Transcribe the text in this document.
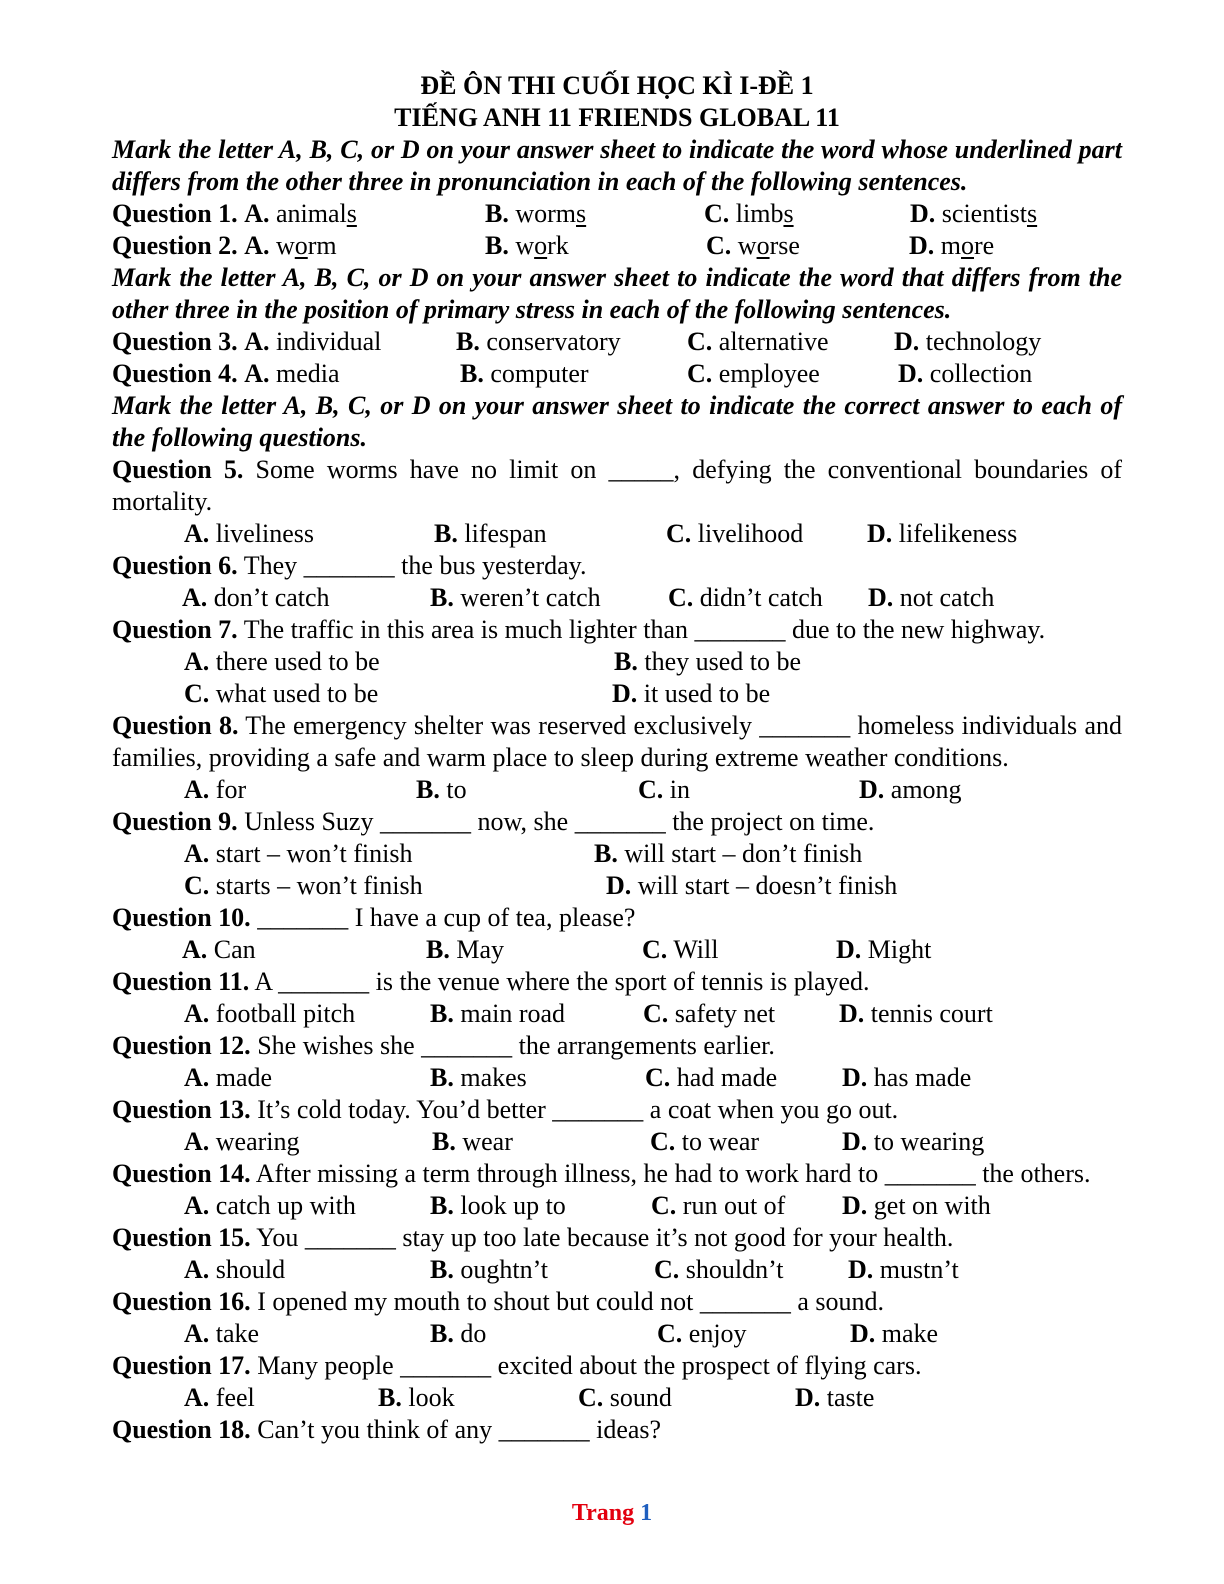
ĐỀ ÔN THI CUỐI HỌC KÌ I-ĐỀ 1

TIẾNG ANH 11 FRIENDS GLOBAL 11

Mark the letter A, B, C, or D on your answer sheet to indicate the word whose underlined part differs from the other three in pronunciation in each of the following sentences.

Question 1. A. animals	B. worms	C. limbs	D. scientists
Question 2. A. worm	B. work	C. worse	D. more

Mark the letter A, B, C, or D on your answer sheet to indicate the word that differs from the other three in the position of primary stress in each of the following sentences.

Question 3. A. individual	B. conservatory	C. alternative	D. technology
Question 4. A. media	B. computer	C. employee	D. collection

Mark the letter A, B, C, or D on your answer sheet to indicate the correct answer to each of the following questions.

Question 5. Some worms have no limit on _____, defying the conventional boundaries of mortality.

A. liveliness	B. lifespan	C. livelihood D. lifelikeness

Question 6. They _______ the bus yesterday.

A. don’t catch	B. weren’t catch	C. didn’t catch D. not catch

Question 7. The traffic in this area is much lighter than _______ due to the new highway.

A. there used to be	B. they used to be
C. what used to be	D. it used to be

Question 8. The emergency shelter was reserved exclusively _______ homeless individuals and families, providing a safe and warm place to sleep during extreme weather conditions.

A. for	B. to	C. in	D. among

Question 9. Unless Suzy _______ now, she _______ the project on time.

A. start – won’t finish	B. will start – don’t finish
C. starts – won’t finish	D. will start – doesn’t finish

Question 10. _______ I have a cup of tea, please?

A. Can	B. May	C. Will	D. Might

Question 11. A _______ is the venue where the sport of tennis is played.

A. football pitch	B. main road	C. safety net D. tennis court

Question 12. She wishes she _______ the arrangements earlier.

A. made	B. makes	C. had made D. has made

Question 13. It’s cold today. You’d better _______ a coat when you go out.

A. wearing	B. wear	C. to wear	D. to wearing

Question 14. After missing a term through illness, he had to work hard to _______ the others.

A. catch up with	B. look up to	C. run out of D. get on with

Question 15. You _______ stay up too late because it’s not good for your health.

A. should	B. oughtn’t	C. shouldn’t D. mustn’t

Question 16. I opened my mouth to shout but could not _______ a sound.

A. take	B. do	C. enjoy	D. make

Question 17. Many people _______ excited about the prospect of flying cars.

A. feel	B. look	C. sound	D. taste

Question 18. Can’t you think of any _______ ideas?

Trang 1
